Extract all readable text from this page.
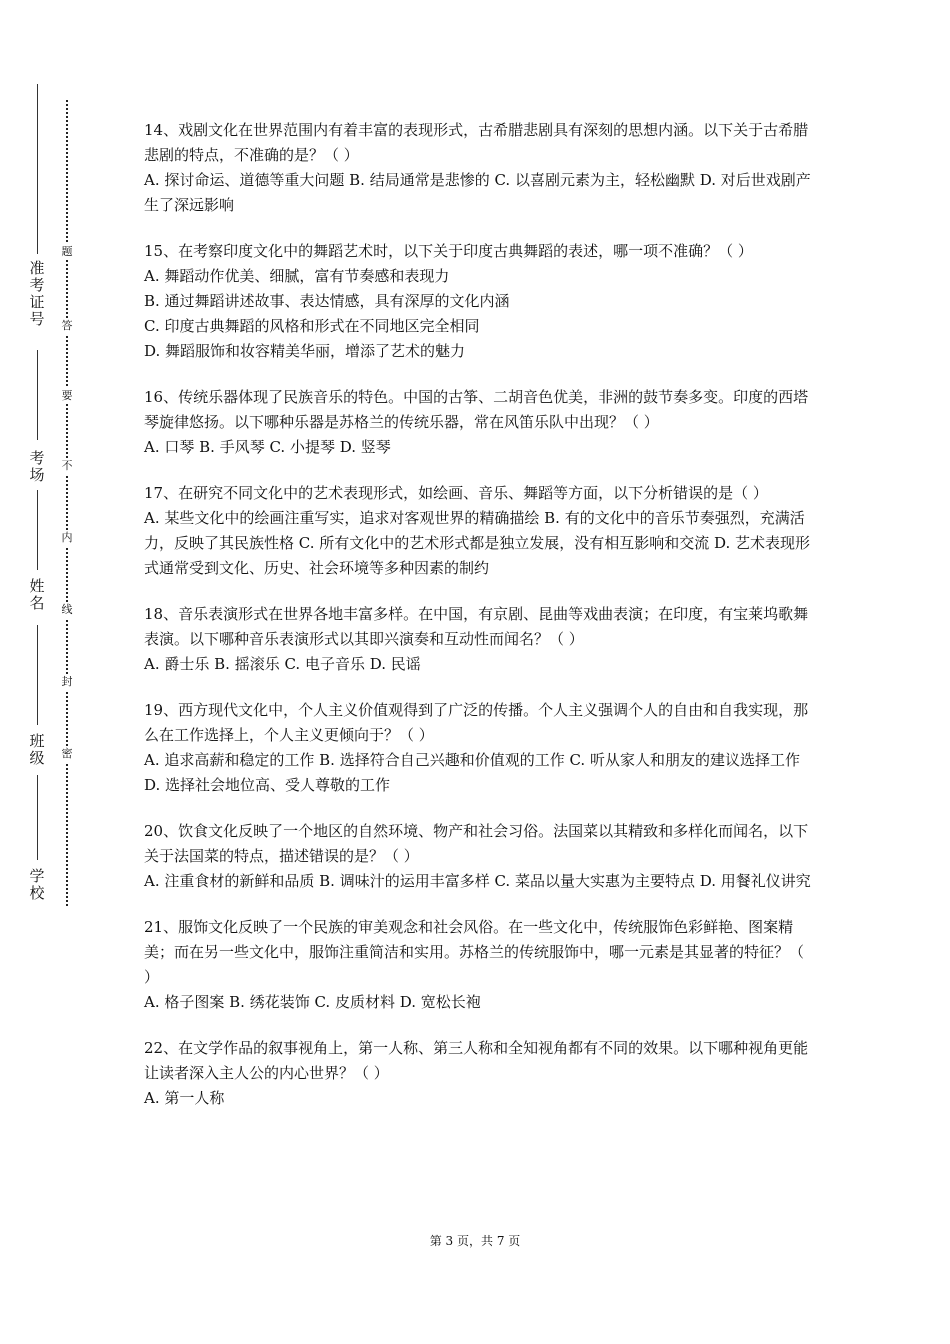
准考证号
考场
姓名
班级
学校
题
答
要
不
内
线
封
密

14、戏剧文化在世界范围内有着丰富的表现形式，古希腊悲剧具有深刻的思想内涵。以下关于古希腊悲剧的特点，不准确的是？（ ）

A. 探讨命运、道德等重大问题 B. 结局通常是悲惨的 C. 以喜剧元素为主，轻松幽默 D. 对后世戏剧产生了深远影响

15、在考察印度文化中的舞蹈艺术时，以下关于印度古典舞蹈的表述，哪一项不准确？（ ）

A. 舞蹈动作优美、细腻，富有节奏感和表现力

B. 通过舞蹈讲述故事、表达情感，具有深厚的文化内涵

C. 印度古典舞蹈的风格和形式在不同地区完全相同

D. 舞蹈服饰和妆容精美华丽，增添了艺术的魅力

16、传统乐器体现了民族音乐的特色。中国的古筝、二胡音色优美，非洲的鼓节奏多变。印度的西塔琴旋律悠扬。以下哪种乐器是苏格兰的传统乐器，常在风笛乐队中出现？（ ）

A. 口琴 B. 手风琴 C. 小提琴 D. 竖琴

17、在研究不同文化中的艺术表现形式，如绘画、音乐、舞蹈等方面，以下分析错误的是（ ）

A. 某些文化中的绘画注重写实，追求对客观世界的精确描绘 B. 有的文化中的音乐节奏强烈，充满活力，反映了其民族性格 C. 所有文化中的艺术形式都是独立发展，没有相互影响和交流 D. 艺术表现形式通常受到文化、历史、社会环境等多种因素的制约

18、音乐表演形式在世界各地丰富多样。在中国，有京剧、昆曲等戏曲表演；在印度，有宝莱坞歌舞表演。以下哪种音乐表演形式以其即兴演奏和互动性而闻名？（ ）

A. 爵士乐 B. 摇滚乐 C. 电子音乐 D. 民谣

19、西方现代文化中，个人主义价值观得到了广泛的传播。个人主义强调个人的自由和自我实现，那么在工作选择上，个人主义更倾向于？（ ）

A. 追求高薪和稳定的工作 B. 选择符合自己兴趣和价值观的工作 C. 听从家人和朋友的建议选择工作 D. 选择社会地位高、受人尊敬的工作

20、饮食文化反映了一个地区的自然环境、物产和社会习俗。法国菜以其精致和多样化而闻名，以下关于法国菜的特点，描述错误的是？（ ）

A. 注重食材的新鲜和品质 B. 调味汁的运用丰富多样 C. 菜品以量大实惠为主要特点 D. 用餐礼仪讲究

21、服饰文化反映了一个民族的审美观念和社会风俗。在一些文化中，传统服饰色彩鲜艳、图案精美；而在另一些文化中，服饰注重简洁和实用。苏格兰的传统服饰中，哪一元素是其显著的特征？（ ）

A. 格子图案 B. 绣花装饰 C. 皮质材料 D. 宽松长袍

22、在文学作品的叙事视角上，第一人称、第三人称和全知视角都有不同的效果。以下哪种视角更能让读者深入主人公的内心世界？（ ）

A. 第一人称

第 3 页，共 7 页
